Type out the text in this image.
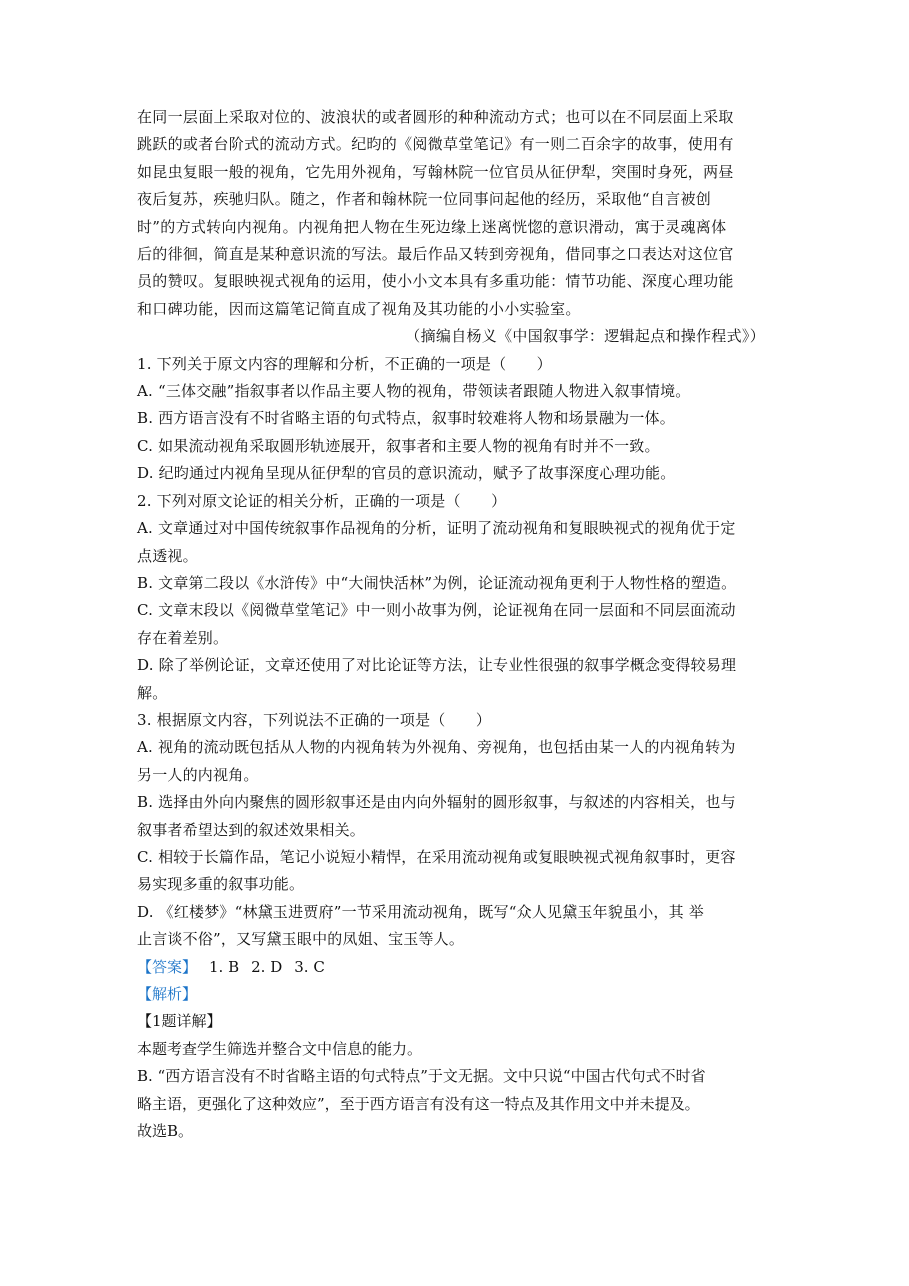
在同一层面上采取对位的、波浪状的或者圆形的种种流动方式；也可以在不同层面上采取

跳跃的或者台阶式的流动方式。纪昀的《阅微草堂笔记》有一则二百余字的故事，使用有

如昆虫复眼一般的视角，它先用外视角，写翰林院一位官员从征伊犁，突围时身死，两昼

夜后复苏，疾驰归队。随之，作者和翰林院一位同事问起他的经历，采取他“自言被创

时”的方式转向内视角。内视角把人物在生死边缘上迷离恍惚的意识滑动，寓于灵魂离体

后的徘徊，简直是某种意识流的写法。最后作品又转到旁视角，借同事之口表达对这位官

员的赞叹。复眼映视式视角的运用，使小小文本具有多重功能：情节功能、深度心理功能

和口碑功能，因而这篇笔记简直成了视角及其功能的小小实验室。

（摘编自杨义《中国叙事学：逻辑起点和操作程式》）

1. 下列关于原文内容的理解和分析，不正确的一项是（　　）

A. “三体交融”指叙事者以作品主要人物的视角，带领读者跟随人物进入叙事情境。

B. 西方语言没有不时省略主语的句式特点，叙事时较难将人物和场景融为一体。

C. 如果流动视角采取圆形轨迹展开，叙事者和主要人物的视角有时并不一致。

D. 纪昀通过内视角呈现从征伊犁的官员的意识流动，赋予了故事深度心理功能。

2. 下列对原文论证的相关分析，正确的一项是（　　）

A. 文章通过对中国传统叙事作品视角的分析，证明了流动视角和复眼映视式的视角优于定

点透视。

B. 文章第二段以《水浒传》中“大闹快活林”为例，论证流动视角更利于人物性格的塑造。

C. 文章末段以《阅微草堂笔记》中一则小故事为例，论证视角在同一层面和不同层面流动

存在着差别。

D. 除了举例论证，文章还使用了对比论证等方法，让专业性很强的叙事学概念变得较易理

解。

3. 根据原文内容，下列说法不正确的一项是（　　）

A. 视角的流动既包括从人物的内视角转为外视角、旁视角，也包括由某一人的内视角转为

另一人的内视角。

B. 选择由外向内聚焦的圆形叙事还是由内向外辐射的圆形叙事，与叙述的内容相关，也与

叙事者希望达到的叙述效果相关。

C. 相较于长篇作品，笔记小说短小精悍，在采用流动视角或复眼映视式视角叙事时，更容

易实现多重的叙事功能。

D. 《红楼梦》“林黛玉进贾府”一节采用流动视角，既写“众人见黛玉年貌虽小，其 举

止言谈不俗”，又写黛玉眼中的凤姐、宝玉等人。

【答案】 1. B 2. D 3. C

【解析】

【1题详解】

本题考查学生筛选并整合文中信息的能力。

B. “西方语言没有不时省略主语的句式特点”于文无据。文中只说“中国古代句式不时省

略主语，更强化了这种效应”，至于西方语言有没有这一特点及其作用文中并未提及。

故选B。
